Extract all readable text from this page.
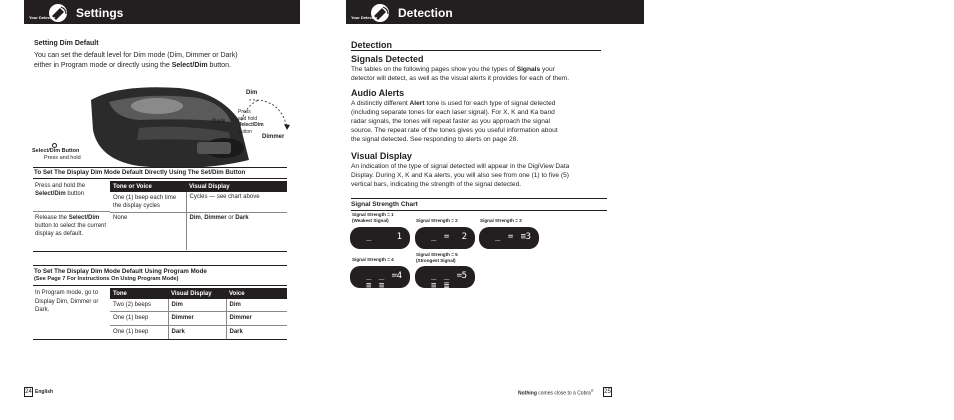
Your Detector Settings
Setting Dim Default
You can set the default level for Dim mode (Dim, Dimmer or Dark)
either in Program mode or directly using the Select/Dim button.
Dim
Dark
Dimmer
Press
and hold
Select/Dim
button
Select/Dim Button
Press and hold
To Set The Display Dim Mode Default Directly Using The Set/Dim Button
Press and hold the Select/Dim button
Release the Select/Dim button to select the current display as default.
Tone or Voice	Visual Display
One (1) beep each time the display cycles	Cycles — see chart above
None	Dim, Dimmer or Dark
To Set The Display Dim Mode Default Using Program Mode
(See Page 7 For Instructions On Using Program Mode)
In Program mode, go to Display Dim, Dimmer or Dark.
Tone	Visual Display	Voice
Two (2) beeps	Dim	Dim
One (1) beep	Dimmer	Dimmer
One (1) beep	Dark	Dark
24 English
Your Detector Detection
Detection
Signals Detected
The tables on the following pages show you the types of Signals your
detector will detect, as well as the visual alerts it provides for each of them.
Audio Alerts
A distinctly different Alert tone is used for each type of signal detected
(including separate tones for each laser signal). For X, K and Ka band
radar signals, the tones will repeat faster as you approach the signal
source. The repeat rate of the tones gives you useful information about
the signal detected. See responding to alerts on page 28.
Visual Display
An indication of the type of signal detected will appear in the DigiView Data
Display. During X, K and Ka alerts, you will also see from one (1) to five (5)
vertical bars, indicating the strength of the signal detected.
Signal Strength Chart
Signal Strength = 1
(Weakest Signal)
_	1
Signal Strength = 2
_ = 2
Signal Strength = 3
_ = ≡
3
Signal Strength = 4
_ _ = ≡ ≡
4
Signal Strength = 5
(Strongest Signal)
_ _ = ≡ ≣
5
Nothing comes close to a Cobra® 25
